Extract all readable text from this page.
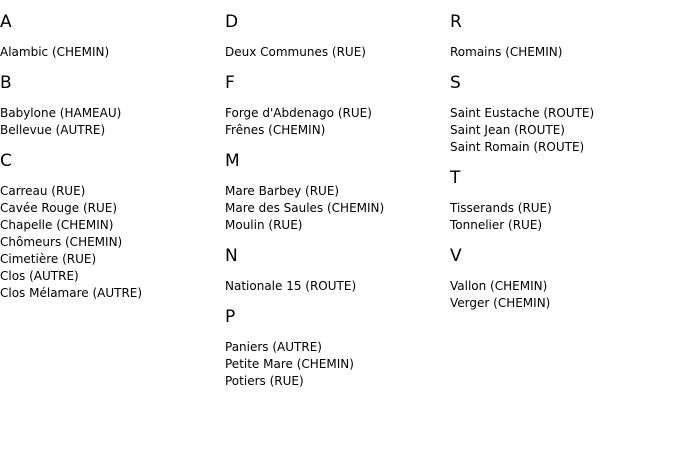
A
Alambic (CHEMIN)
B
Babylone (HAMEAU)
Bellevue (AUTRE)
C
Carreau (RUE)
Cavée Rouge (RUE)
Chapelle (CHEMIN)
Chômeurs (CHEMIN)
Cimetière (RUE)
Clos (AUTRE)
Clos Mélamare (AUTRE)
D
Deux Communes (RUE)
F
Forge d'Abdenago (RUE)
Frênes (CHEMIN)
M
Mare Barbey (RUE)
Mare des Saules (CHEMIN)
Moulin (RUE)
N
Nationale 15 (ROUTE)
P
Paniers (AUTRE)
Petite Mare (CHEMIN)
Potiers (RUE)
R
Romains (CHEMIN)
S
Saint Eustache (ROUTE)
Saint Jean (ROUTE)
Saint Romain (ROUTE)
T
Tisserands (RUE)
Tonnelier (RUE)
V
Vallon (CHEMIN)
Verger (CHEMIN)
